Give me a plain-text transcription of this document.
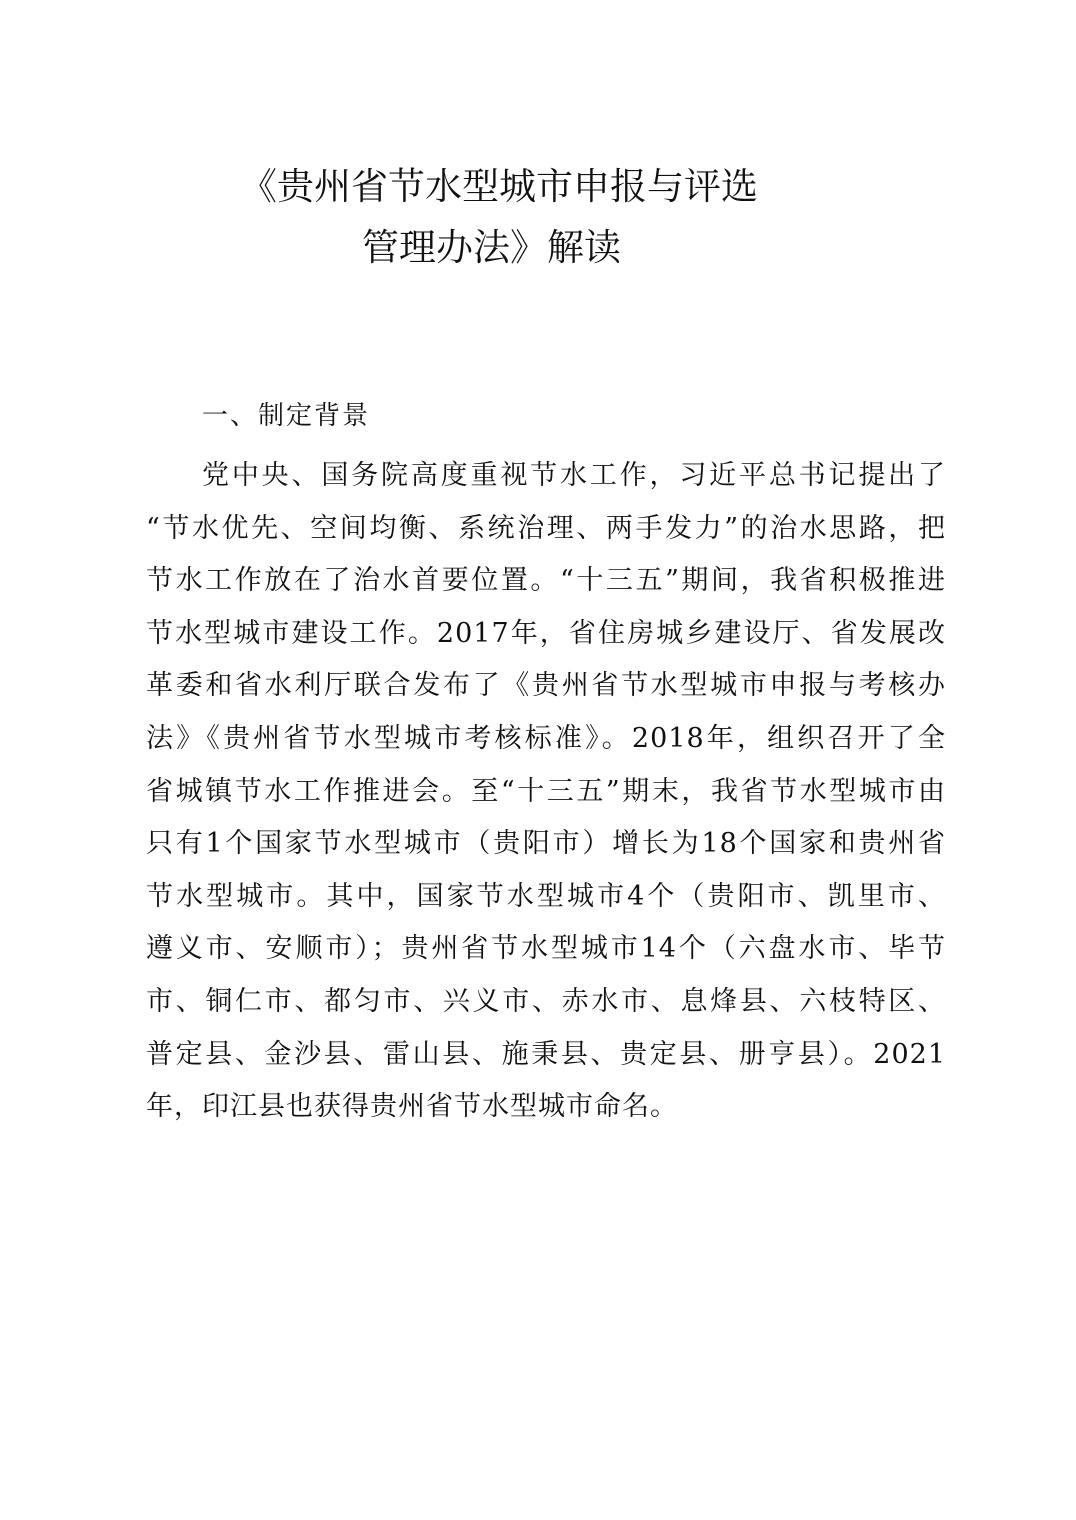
《贵州省节水型城市申报与评选
管理办法》解读
一、制定背景
党中央、国务院高度重视节水工作，习近平总书记提出了
“节水优先、空间均衡、系统治理、两手发力”的治水思路，把
节水工作放在了治水首要位置。“十三五”期间，我省积极推进
节水型城市建设工作。2017年，省住房城乡建设厅、省发展改
革委和省水利厅联合发布了《贵州省节水型城市申报与考核办
法》《贵州省节水型城市考核标准》。2018年，组织召开了全
省城镇节水工作推进会。至“十三五”期末，我省节水型城市由
只有1个国家节水型城市（贵阳市）增长为18个国家和贵州省
节水型城市。其中，国家节水型城市4个（贵阳市、凯里市、
遵义市、安顺市）；贵州省节水型城市14个（六盘水市、毕节
市、铜仁市、都匀市、兴义市、赤水市、息烽县、六枝特区、
普定县、金沙县、雷山县、施秉县、贵定县、册亨县）。2021
年，印江县也获得贵州省节水型城市命名。
